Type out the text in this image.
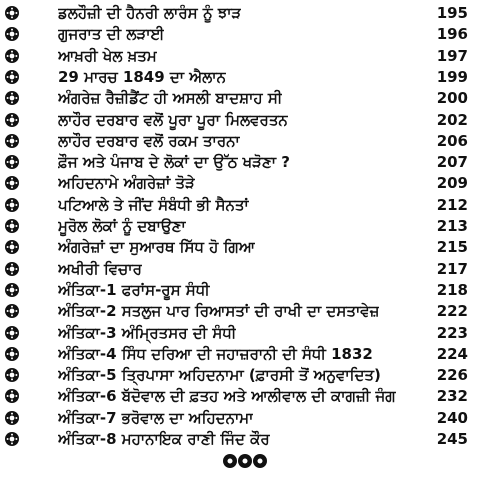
ਡਲਹੌਜ਼ੀ ਦੀ ਹੈਨਰੀ ਲਾਰੰਸ ਨੂੰ ਝਾੜ	195
ਗੁਜਰਾਤ ਦੀ ਲੜਾਈ	196
ਆਖ਼ਰੀ ਖੇਲ ਖ਼ਤਮ	197
29 ਮਾਰਚ 1849 ਦਾ ਐਲਾਨ	199
ਅੰਗਰੇਜ਼ ਰੈਜ਼ੀਡੈਂਟ ਹੀ ਅਸਲੀ ਬਾਦਸ਼ਾਹ ਸੀ	200
ਲਾਹੌਰ ਦਰਬਾਰ ਵਲੋਂ ਪੂਰਾ ਪੂਰਾ ਮਿਲਵਰਤਨ	202
ਲਾਹੌਰ ਦਰਬਾਰ ਵਲੋਂ ਰਕਮ ਤਾਰਨਾ	206
ਫ਼ੌਜ ਅਤੇ ਪੰਜਾਬ ਦੇ ਲੋਕਾਂ ਦਾ ਉੱਠ ਖੜੋਣਾ ?	207
ਅਹਿਦਨਾਮੇ ਅੰਗਰੇਜ਼ਾਂ ਤੋੜੇ	209
ਪਟਿਆਲੇ ਤੇ ਜੀਂਦ ਸੰਬੰਧੀ ਭੀ ਸੈਨਤਾਂ	212
ਮੂਰੋਲ ਲੋਕਾਂ ਨੂੰ ਦਬਾਉਣਾ	213
ਅੰਗਰੇਜ਼ਾਂ ਦਾ ਸੁਆਰਥ ਸਿੱਧ ਹੋ ਗਿਆ	215
ਅਖੀਰੀ ਵਿਚਾਰ	217
ਅੰਤਿਕਾ-1 ਫਰਾਂਸ-ਰੂਸ ਸੰਧੀ	218
ਅੰਤਿਕਾ-2 ਸਤਲੁਜ ਪਾਰ ਰਿਆਸਤਾਂ ਦੀ ਰਾਖੀ ਦਾ ਦਸਤਾਵੇਜ਼	222
ਅੰਤਿਕਾ-3 ਅੰਮ੍ਰਿਤਸਰ ਦੀ ਸੰਧੀ	223
ਅੰਤਿਕਾ-4 ਸਿੰਧ ਦਰਿਆ ਦੀ ਜਹਾਜ਼ਰਾਨੀ ਦੀ ਸੰਧੀ 1832	224
ਅੰਤਿਕਾ-5 ਤ੍ਰਿਪਾਸਾ ਅਹਿਦਨਾਮਾ (ਫ਼ਾਰਸੀ ਤੋਂ ਅਨੁਵਾਦਿਤ)	226
ਅੰਤਿਕਾ-6 ਬੱਦੋਵਾਲ ਦੀ ਫ਼ਤਹ ਅਤੇ ਆਲੀਵਾਲ ਦੀ ਕਾਗਜ਼ੀ ਜੰਗ	232
ਅੰਤਿਕਾ-7 ਭਰੋਵਾਲ ਦਾ ਅਹਿਦਨਾਮਾ	240
ਅੰਤਿਕਾ-8 ਮਹਾਨਾਇਕ ਰਾਣੀ ਜਿੰਦ ਕੌਰ	245
